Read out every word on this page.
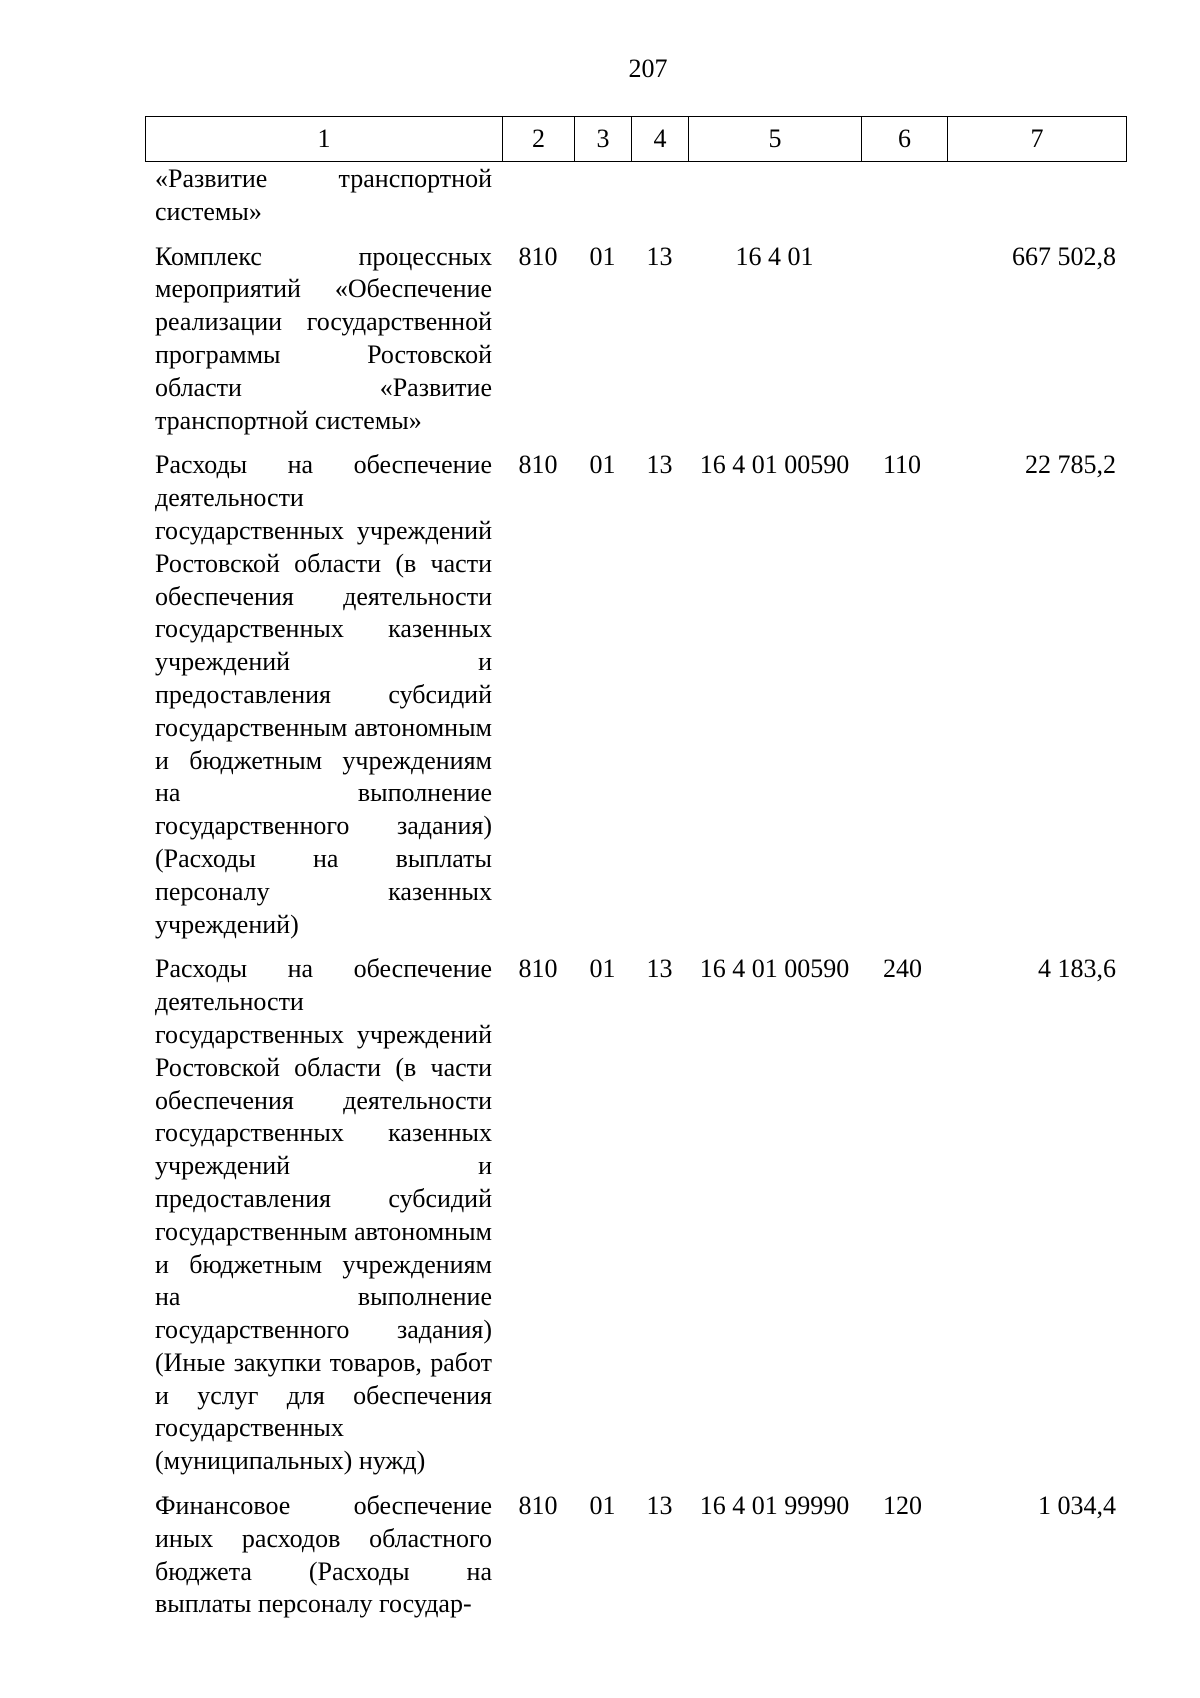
207
1	2	3	4	5	6	7
«Развитие транспортной системы»						
Комплекс процессных мероприятий «Обеспечение реализации государственной программы Ростовской области «Развитие транспортной системы»	810	01	13	16 4 01		667 502,8
Расходы на обеспечение деятельности государственных учреждений Ростовской области (в части обеспечения деятельности государственных казенных учреждений и предоставления субсидий государственным автономным и бюджетным учреждениям на выполнение государственного задания) (Расходы на выплаты персоналу казенных учреждений)	810	01	13	16 4 01 00590	110	22 785,2
Расходы на обеспечение деятельности государственных учреждений Ростовской области (в части обеспечения деятельности государственных казенных учреждений и предоставления субсидий государственным автономным и бюджетным учреждениям на выполнение государственного задания) (Иные закупки товаров, работ и услуг для обеспечения государственных (муниципальных) нужд)	810	01	13	16 4 01 00590	240	4 183,6
Финансовое обеспечение иных расходов областного бюджета (Расходы на выплаты персоналу государ-	810	01	13	16 4 01 99990	120	1 034,4
